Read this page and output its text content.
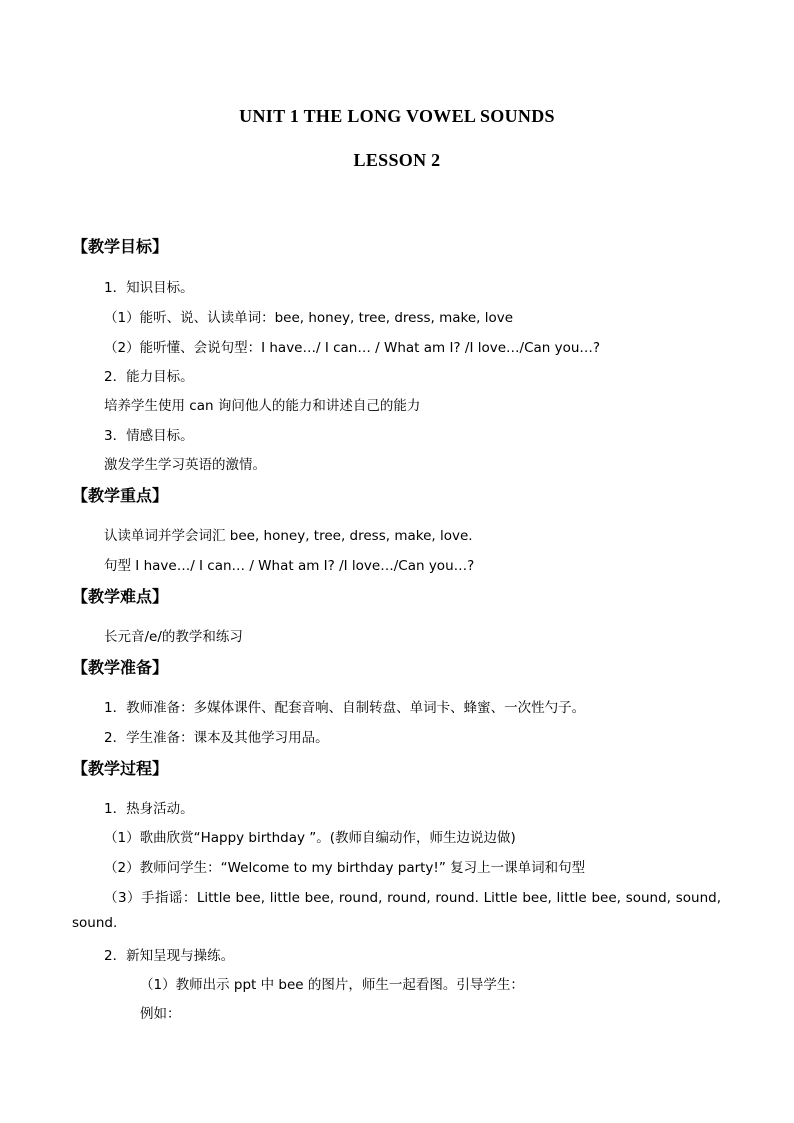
UNIT 1 THE LONG VOWEL SOUNDS
LESSON 2
【教学目标】
1．知识目标。
（1）能听、说、认读单词：bee, honey, tree, dress, make, love
（2）能听懂、会说句型：I have…/ I can… / What am I? /I love…/Can you…?
2．能力目标。
培养学生使用 can 询问他人的能力和讲述自己的能力
3．情感目标。
激发学生学习英语的激情。
【教学重点】
认读单词并学会词汇 bee, honey, tree, dress, make, love.
句型 I have…/ I can… / What am I? /I love…/Can you…?
【教学难点】
长元音/e/的教学和练习
【教学准备】
1．教师准备：多媒体课件、配套音响、自制转盘、单词卡、蜂蜜、一次性勺子。
2．学生准备：课本及其他学习用品。
【教学过程】
1．热身活动。
（1）歌曲欣赏“Happy birthday ”。(教师自编动作，师生边说边做)
（2）教师问学生：“Welcome to my birthday party!” 复习上一课单词和句型
（3）手指谣：Little bee, little bee, round, round, round. Little bee, little bee, sound, sound,
sound.
2．新知呈现与操练。
（1）教师出示 ppt 中 bee 的图片，师生一起看图。引导学生：
例如：
